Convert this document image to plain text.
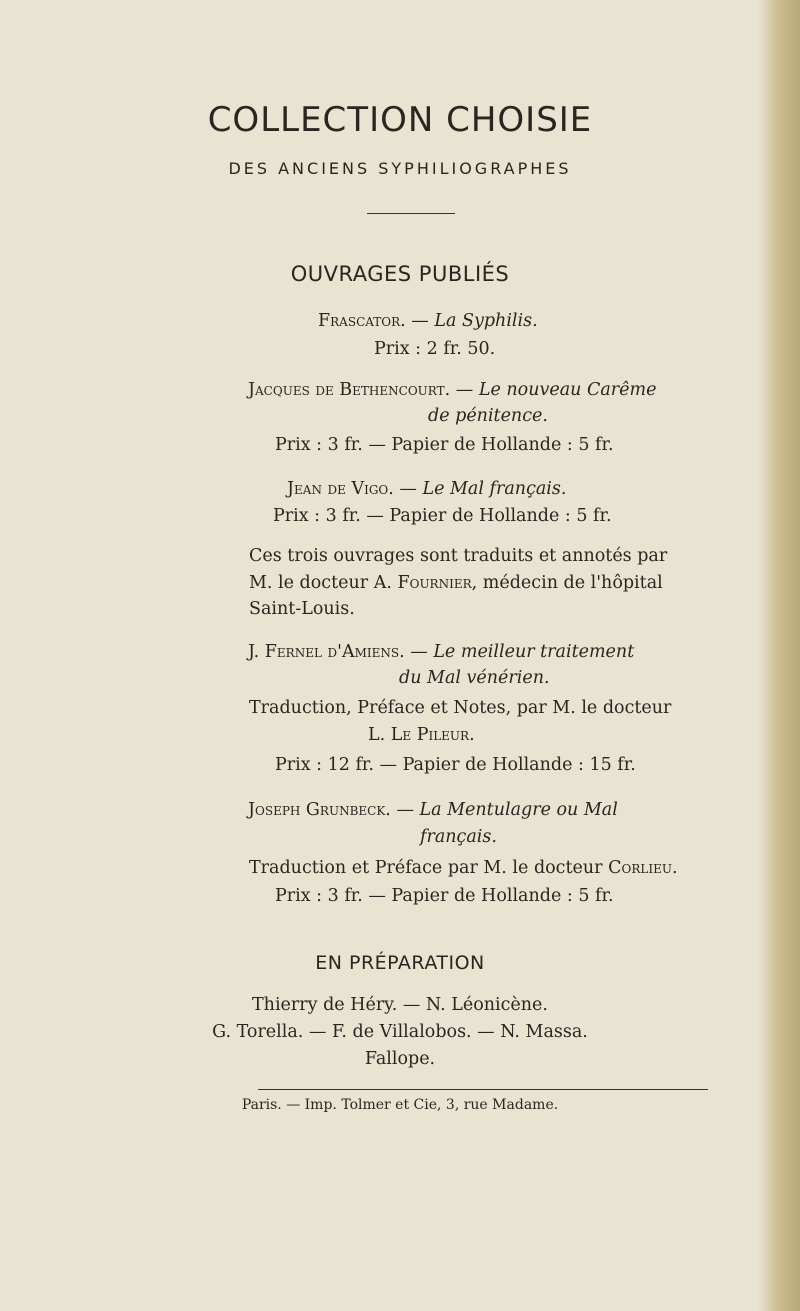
COLLECTION CHOISIE
DES ANCIENS SYPHILIOGRAPHES
OUVRAGES PUBLIÉS
Frascator. — La Syphilis.
Prix : 2 fr. 50.
Jacques de Bethencourt. — Le nouveau Carême
de pénitence.
Prix : 3 fr. — Papier de Hollande : 5 fr.
Jean de Vigo. — Le Mal français.
Prix : 3 fr. — Papier de Hollande : 5 fr.
Ces trois ouvrages sont traduits et annotés par
M. le docteur A. Fournier, médecin de l'hôpital
Saint-Louis.
J. Fernel d'Amiens. — Le meilleur traitement
du Mal vénérien.
Traduction, Préface et Notes, par M. le docteur
L. Le Pileur.
Prix : 12 fr. — Papier de Hollande : 15 fr.
Joseph Grunbeck. — La Mentulagre ou Mal
français.
Traduction et Préface par M. le docteur Corlieu.
Prix : 3 fr. — Papier de Hollande : 5 fr.
EN PRÉPARATION
Thierry de Héry. — N. Léonicène.
G. Torella. — F. de Villalobos. — N. Massa.
Fallope.
Paris. — Imp. Tolmer et Cie, 3, rue Madame.
